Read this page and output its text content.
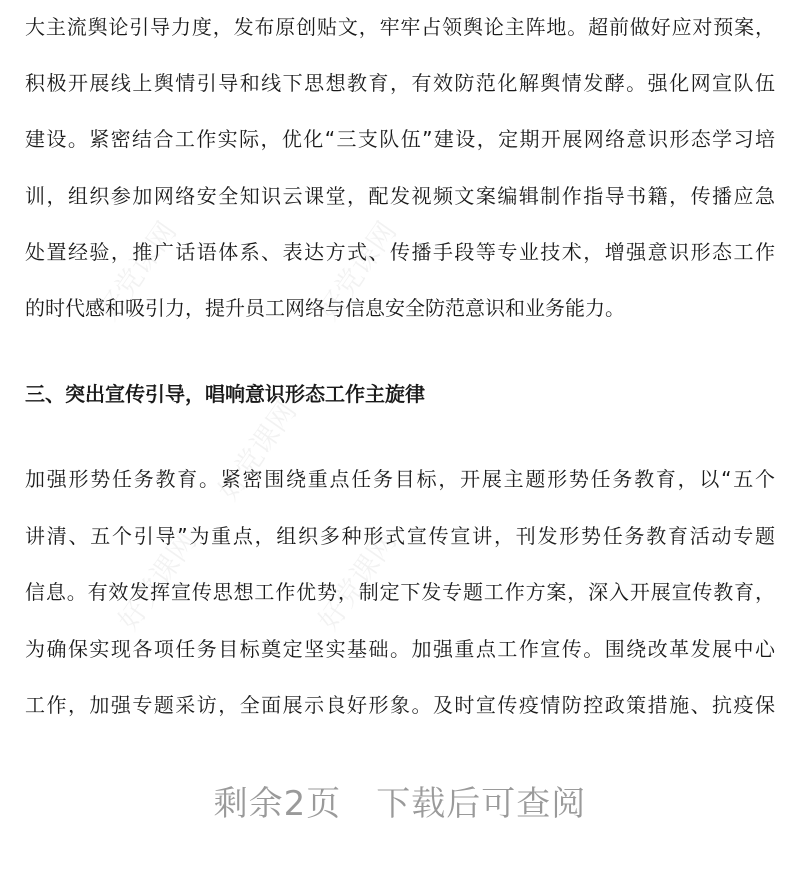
好党课网	好党课网
好党课网
好党课网	好党课网
大主流舆论引导力度，发布原创贴文，牢牢占领舆论主阵地。超前做好应对预案，
积极开展线上舆情引导和线下思想教育，有效防范化解舆情发酵。强化网宣队伍
建设。紧密结合工作实际，优化“三支队伍”建设，定期开展网络意识形态学习培
训，组织参加网络安全知识云课堂，配发视频文案编辑制作指导书籍，传播应急
处置经验，推广话语体系、表达方式、传播手段等专业技术，增强意识形态工作
的时代感和吸引力，提升员工网络与信息安全防范意识和业务能力。
三、突出宣传引导，唱响意识形态工作主旋律
加强形势任务教育。紧密围绕重点任务目标，开展主题形势任务教育，以“五个
讲清、五个引导”为重点，组织多种形式宣传宣讲，刊发形势任务教育活动专题
信息。有效发挥宣传思想工作优势，制定下发专题工作方案，深入开展宣传教育，
为确保实现各项任务目标奠定坚实基础。加强重点工作宣传。围绕改革发展中心
工作，加强专题采访，全面展示良好形象。及时宣传疫情防控政策措施、抗疫保
剩余2页　下载后可查阅
